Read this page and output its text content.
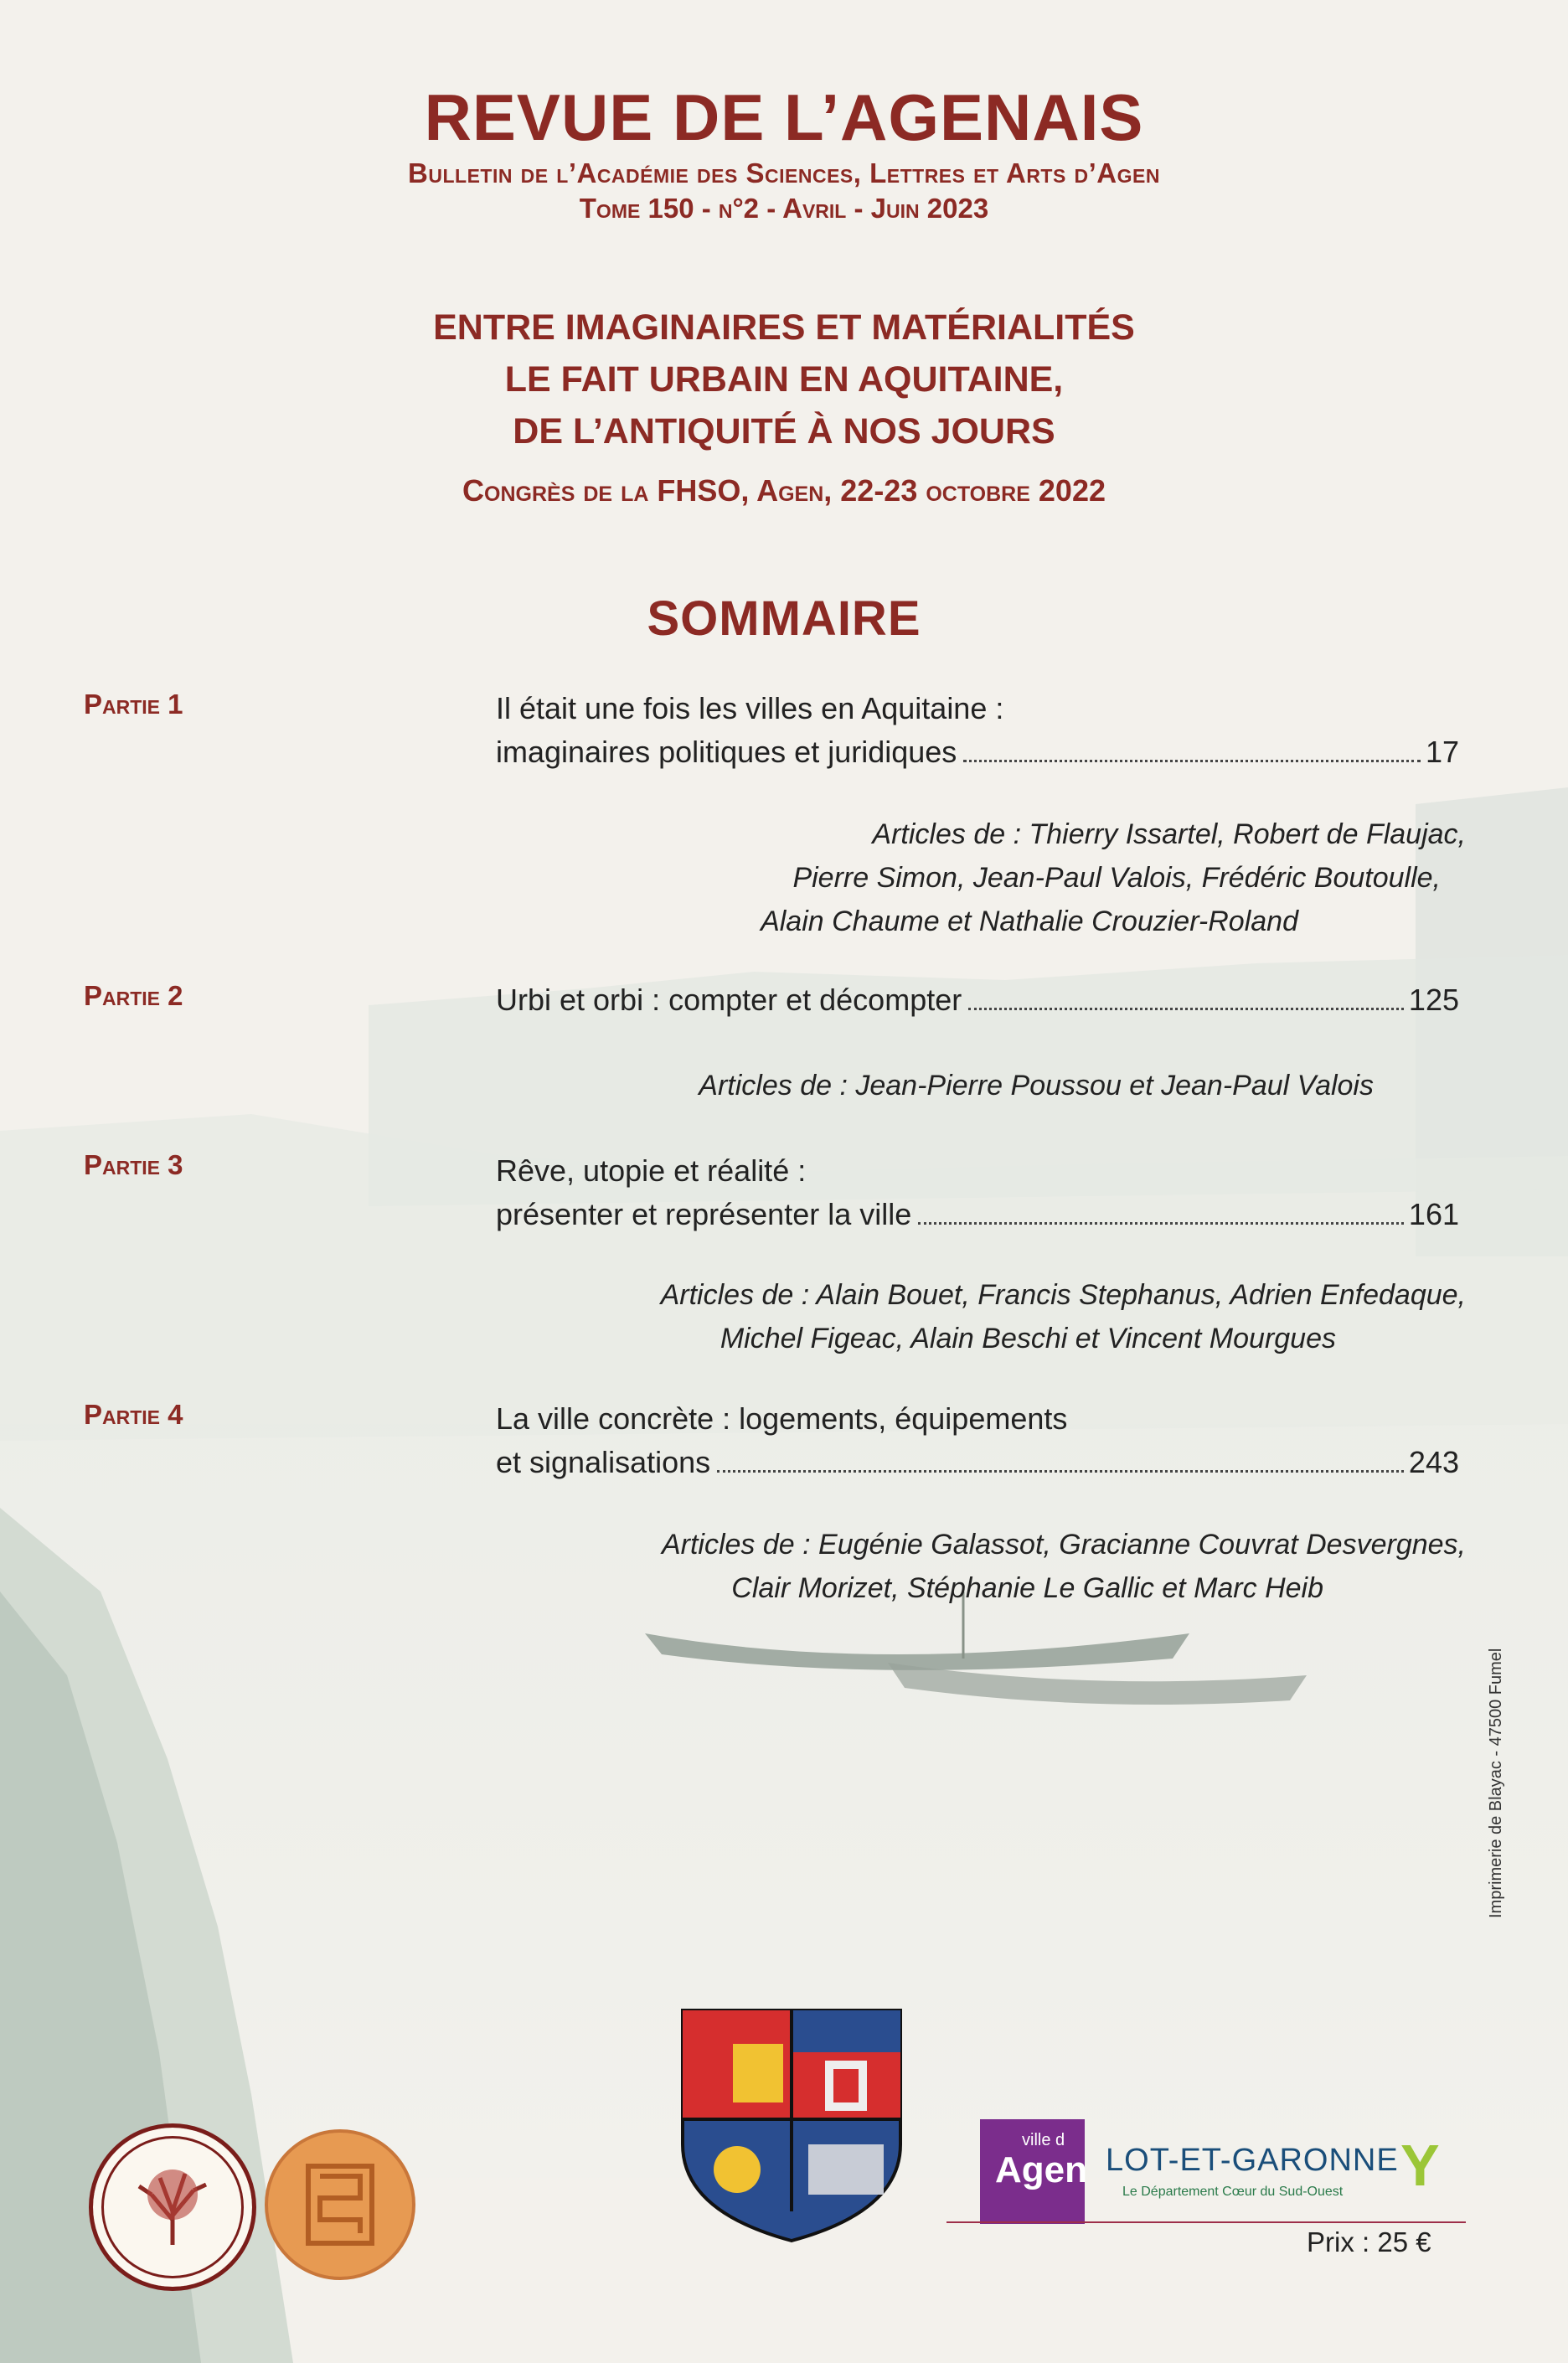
REVUE DE L’AGENAIS
Bulletin de l’Académie des Sciences, Lettres et Arts d’Agen
Tome 150 - n°2 - Avril - Juin 2023
ENTRE IMAGINAIRES ET MATÉRIALITÉS
LE FAIT URBAIN EN AQUITAINE,
DE L’ANTIQUITÉ À NOS JOURS
Congrès de la FHSO, Agen, 22-23 octobre 2022
SOMMAIRE
Partie 1	Il était une fois les villes en Aquitaine :
imaginaires politiques et juridiques	17
Articles de : Thierry Issartel, Robert de Flaujac,
Pierre Simon, Jean-Paul Valois, Frédéric Boutoulle,
Alain Chaume et Nathalie Crouzier-Roland
Partie 2	Urbi et orbi : compter et décompter	125
Articles de : Jean-Pierre Poussou et Jean-Paul Valois
Partie 3	Rêve, utopie et réalité :
présenter et représenter la ville	161
Articles de : Alain Bouet, Francis Stephanus, Adrien Enfedaque,
Michel Figeac, Alain Beschi et Vincent Mourgues
Partie 4	La ville concrète : logements, équipements
et signalisations	243
Articles de : Eugénie Galassot, Gracianne Couvrat Desvergnes,
Clair Morizet, Stéphanie Le Gallic et Marc Heib
Imprimerie de Blayac - 47500 Fumel
ville d
Agen LOT-ET-GARONNE
Le Département Cœur du Sud-Ouest Y
Prix : 25 €
